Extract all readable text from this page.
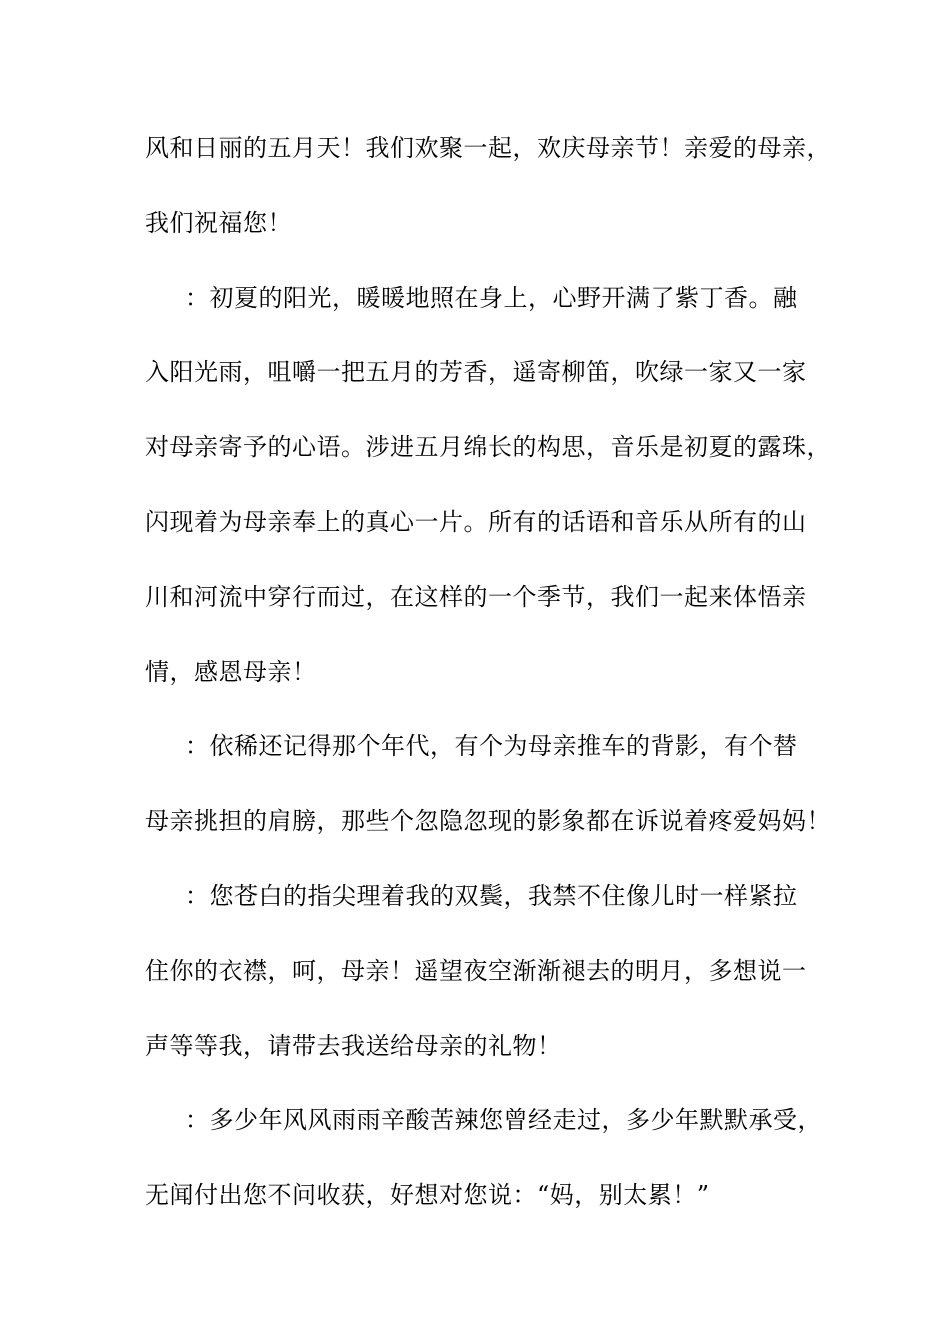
风和日丽的五月天！我们欢聚一起，欢庆母亲节！亲爱的母亲，
我们祝福您！
：初夏的阳光，暖暖地照在身上，心野开满了紫丁香。融
入阳光雨，咀嚼一把五月的芳香，遥寄柳笛，吹绿一家又一家
对母亲寄予的心语。涉进五月绵长的构思，音乐是初夏的露珠，
闪现着为母亲奉上的真心一片。所有的话语和音乐从所有的山
川和河流中穿行而过，在这样的一个季节，我们一起来体悟亲
情，感恩母亲！
：依稀还记得那个年代，有个为母亲推车的背影，有个替
母亲挑担的肩膀，那些个忽隐忽现的影象都在诉说着疼爱妈妈！
：您苍白的指尖理着我的双鬓，我禁不住像儿时一样紧拉
住你的衣襟，呵，母亲！遥望夜空渐渐褪去的明月，多想说一
声等等我，请带去我送给母亲的礼物！
：多少年风风雨雨辛酸苦辣您曾经走过，多少年默默承受，
无闻付出您不问收获，好想对您说：“妈，别太累！”
